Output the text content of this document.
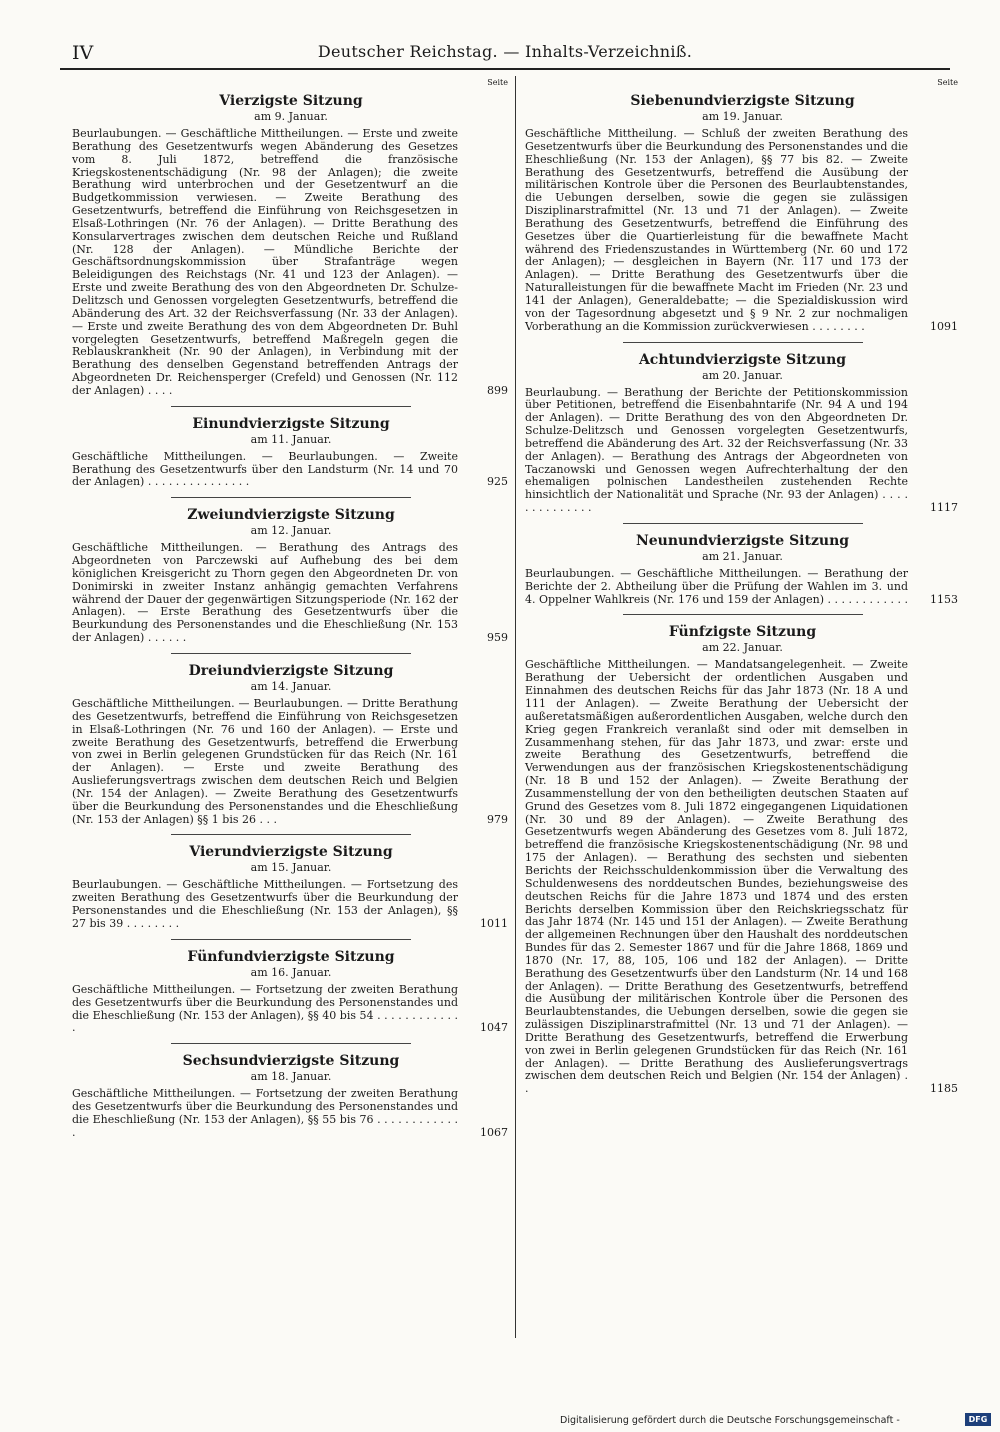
IV	Deutscher Reichstag. — Inhalts-Verzeichniß.
Seite
Vierzigste Sitzung
am 9. Januar.
Beurlaubungen. — Geschäftliche Mittheilungen. — Erste und zweite Berathung des Gesetzentwurfs wegen Abänderung des Gesetzes vom 8. Juli 1872, betreffend die französische Kriegskostenentschädigung (Nr. 98 der Anlagen); die zweite Berathung wird unterbrochen und der Gesetzentwurf an die Budgetkommission verwiesen. — Zweite Berathung des Gesetzentwurfs, betreffend die Einführung von Reichsgesetzen in Elsaß-Lothringen (Nr. 76 der Anlagen). — Dritte Berathung des Konsularvertrages zwischen dem deutschen Reiche und Rußland (Nr. 128 der Anlagen). — Mündliche Berichte der Geschäftsordnungskommission über Strafanträge wegen Beleidigungen des Reichstags (Nr. 41 und 123 der Anlagen). — Erste und zweite Berathung des von den Abgeordneten Dr. Schulze-Delitzsch und Genossen vorgelegten Gesetzentwurfs, betreffend die Abänderung des Art. 32 der Reichsverfassung (Nr. 33 der Anlagen). — Erste und zweite Berathung des von dem Abgeordneten Dr. Buhl vorgelegten Gesetzentwurfs, betreffend Maßregeln gegen die Reblauskrankheit (Nr. 90 der Anlagen), in Verbindung mit der Berathung des denselben Gegenstand betreffenden Antrags der Abgeordneten Dr. Reichensperger (Crefeld) und Genossen (Nr. 112 der Anlagen) . . . .	899
Einundvierzigste Sitzung
am 11. Januar.
Geschäftliche Mittheilungen. — Beurlaubungen. — Zweite Berathung des Gesetzentwurfs über den Landsturm (Nr. 14 und 70 der Anlagen) . . . . . . . . . . . . . . .	925
Zweiundvierzigste Sitzung
am 12. Januar.
Geschäftliche Mittheilungen. — Berathung des Antrags des Abgeordneten von Parczewski auf Aufhebung des bei dem königlichen Kreisgericht zu Thorn gegen den Abgeordneten Dr. von Donimirski in zweiter Instanz anhängig gemachten Verfahrens während der Dauer der gegenwärtigen Sitzungsperiode (Nr. 162 der Anlagen). — Erste Berathung des Gesetzentwurfs über die Beurkundung des Personenstandes und die Eheschließung (Nr. 153 der Anlagen) . . . . . .	959
Dreiundvierzigste Sitzung
am 14. Januar.
Geschäftliche Mittheilungen. — Beurlaubungen. — Dritte Berathung des Gesetzentwurfs, betreffend die Einführung von Reichsgesetzen in Elsaß-Lothringen (Nr. 76 und 160 der Anlagen). — Erste und zweite Berathung des Gesetzentwurfs, betreffend die Erwerbung von zwei in Berlin gelegenen Grundstücken für das Reich (Nr. 161 der Anlagen). — Erste und zweite Berathung des Auslieferungsvertrags zwischen dem deutschen Reich und Belgien (Nr. 154 der Anlagen). — Zweite Berathung des Gesetzentwurfs über die Beurkundung des Personenstandes und die Eheschließung (Nr. 153 der Anlagen) §§ 1 bis 26 . . .	979
Vierundvierzigste Sitzung
am 15. Januar.
Beurlaubungen. — Geschäftliche Mittheilungen. — Fortsetzung des zweiten Berathung des Gesetzentwurfs über die Beurkundung der Personenstandes und die Eheschließung (Nr. 153 der Anlagen), §§ 27 bis 39 . . . . . . . .	1011
Fünfundvierzigste Sitzung
am 16. Januar.
Geschäftliche Mittheilungen. — Fortsetzung der zweiten Berathung des Gesetzentwurfs über die Beurkundung des Personenstandes und die Eheschließung (Nr. 153 der Anlagen), §§ 40 bis 54 . . . . . . . . . . . . .	1047
Sechsundvierzigste Sitzung
am 18. Januar.
Geschäftliche Mittheilungen. — Fortsetzung der zweiten Berathung des Gesetzentwurfs über die Beurkundung des Personenstandes und die Eheschließung (Nr. 153 der Anlagen), §§ 55 bis 76 . . . . . . . . . . . . .	1067
Seite
Siebenundvierzigste Sitzung
am 19. Januar.
Geschäftliche Mittheilung. — Schluß der zweiten Berathung des Gesetzentwurfs über die Beurkundung des Personenstandes und die Eheschließung (Nr. 153 der Anlagen), §§ 77 bis 82. — Zweite Berathung des Gesetzentwurfs, betreffend die Ausübung der militärischen Kontrole über die Personen des Beurlaubtenstandes, die Uebungen derselben, sowie die gegen sie zulässigen Disziplinarstrafmittel (Nr. 13 und 71 der Anlagen). — Zweite Berathung des Gesetzentwurfs, betreffend die Einführung des Gesetzes über die Quartierleistung für die bewaffnete Macht während des Friedenszustandes in Württemberg (Nr. 60 und 172 der Anlagen); — desgleichen in Bayern (Nr. 117 und 173 der Anlagen). — Dritte Berathung des Gesetzentwurfs über die Naturalleistungen für die bewaffnete Macht im Frieden (Nr. 23 und 141 der Anlagen), Generaldebatte; — die Spezialdiskussion wird von der Tagesordnung abgesetzt und § 9 Nr. 2 zur nochmaligen Vorberathung an die Kommission zurückverwiesen . . . . . . . .	1091
Achtundvierzigste Sitzung
am 20. Januar.
Beurlaubung. — Berathung der Berichte der Petitionskommission über Petitionen, betreffend die Eisenbahntarife (Nr. 94 A und 194 der Anlagen). — Dritte Berathung des von den Abgeordneten Dr. Schulze-Delitzsch und Genossen vorgelegten Gesetzentwurfs, betreffend die Abänderung des Art. 32 der Reichsverfassung (Nr. 33 der Anlagen). — Berathung des Antrags der Abgeordneten von Taczanowski und Genossen wegen Aufrechterhaltung der den ehemaligen polnischen Landestheilen zustehenden Rechte hinsichtlich der Nationalität und Sprache (Nr. 93 der Anlagen) . . . . . . . . . . . . . .	1117
Neunundvierzigste Sitzung
am 21. Januar.
Beurlaubungen. — Geschäftliche Mittheilungen. — Berathung der Berichte der 2. Abtheilung über die Prüfung der Wahlen im 3. und 4. Oppelner Wahlkreis (Nr. 176 und 159 der Anlagen) . . . . . . . . . . . . 1153
Fünfzigste Sitzung
am 22. Januar.
Geschäftliche Mittheilungen. — Mandatsangelegenheit. — Zweite Berathung der Uebersicht der ordentlichen Ausgaben und Einnahmen des deutschen Reichs für das Jahr 1873 (Nr. 18 A und 111 der Anlagen). — Zweite Berathung der Uebersicht der außeretatsmäßigen außerordentlichen Ausgaben, welche durch den Krieg gegen Frankreich veranlaßt sind oder mit demselben in Zusammenhang stehen, für das Jahr 1873, und zwar: erste und zweite Berathung des Gesetzentwurfs, betreffend die Verwendungen aus der französischen Kriegskostenentschädigung (Nr. 18 B und 152 der Anlagen). — Zweite Berathung der Zusammenstellung der von den betheiligten deutschen Staaten auf Grund des Gesetzes vom 8. Juli 1872 eingegangenen Liquidationen (Nr. 30 und 89 der Anlagen). — Zweite Berathung des Gesetzentwurfs wegen Abänderung des Gesetzes vom 8. Juli 1872, betreffend die französische Kriegskostenentschädigung (Nr. 98 und 175 der Anlagen). — Berathung des sechsten und siebenten Berichts der Reichsschuldenkommission über die Verwaltung des Schuldenwesens des norddeutschen Bundes, beziehungsweise des deutschen Reichs für die Jahre 1873 und 1874 und des ersten Berichts derselben Kommission über den Reichskriegsschatz für das Jahr 1874 (Nr. 145 und 151 der Anlagen). — Zweite Berathung der allgemeinen Rechnungen über den Haushalt des norddeutschen Bundes für das 2. Semester 1867 und für die Jahre 1868, 1869 und 1870 (Nr. 17, 88, 105, 106 und 182 der Anlagen). — Dritte Berathung des Gesetzentwurfs über den Landsturm (Nr. 14 und 168 der Anlagen). — Dritte Berathung des Gesetzentwurfs, betreffend die Ausübung der militärischen Kontrole über die Personen des Beurlaubtenstandes, die Uebungen derselben, sowie die gegen sie zulässigen Disziplinarstrafmittel (Nr. 13 und 71 der Anlagen). — Dritte Berathung des Gesetzentwurfs, betreffend die Erwerbung von zwei in Berlin gelegenen Grundstücken für das Reich (Nr. 161 der Anlagen). — Dritte Berathung des Auslieferungsvertrags zwischen dem deutschen Reich und Belgien (Nr. 154 der Anlagen) . .	1185
Digitalisierung gefördert durch die Deutsche Forschungsgemeinschaft -	DFG
